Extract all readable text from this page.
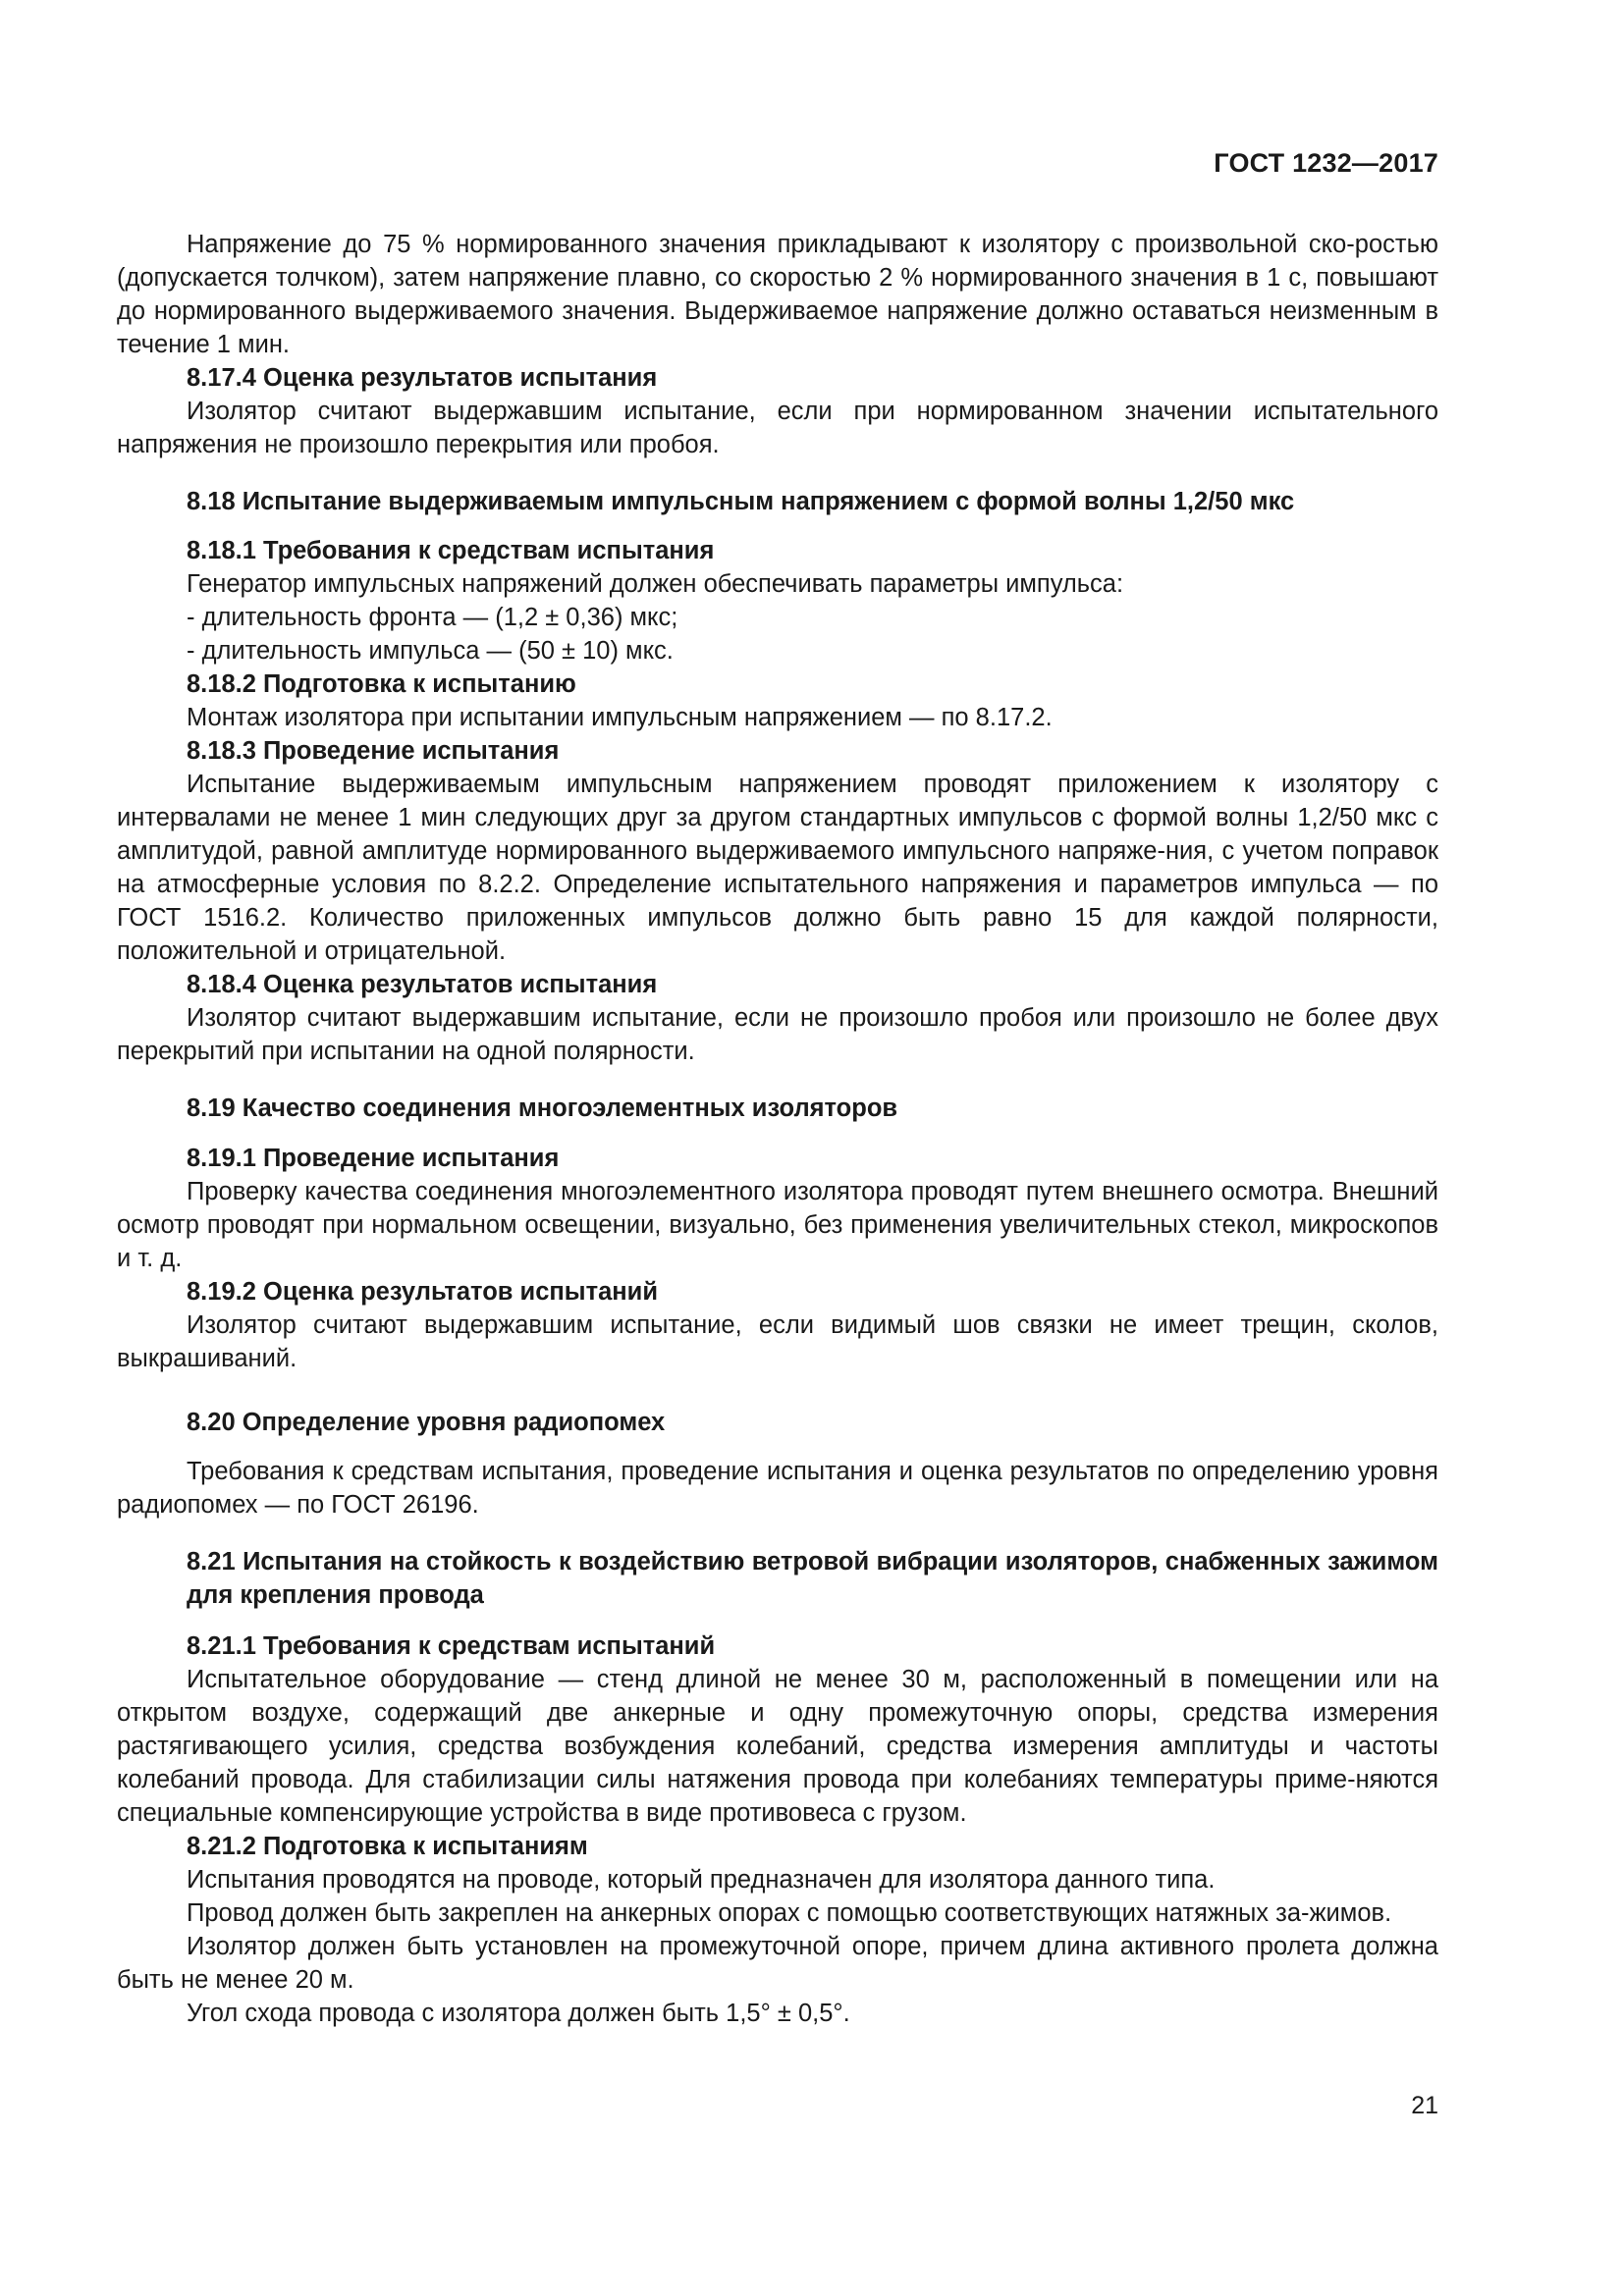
ГОСТ 1232—2017

Напряжение до 75 % нормированного значения прикладывают к изолятору с произвольной ско-ростью (допускается толчком), затем напряжение плавно, со скоростью 2 % нормированного значения в 1 с, повышают до нормированного выдерживаемого значения. Выдерживаемое напряжение должно оставаться неизменным в течение 1 мин.

8.17.4 Оценка результатов испытания

Изолятор считают выдержавшим испытание, если при нормированном значении испытательного напряжения не произошло перекрытия или пробоя.

8.18 Испытание выдерживаемым импульсным напряжением с формой волны 1,2/50 мкс

8.18.1 Требования к средствам испытания

Генератор импульсных напряжений должен обеспечивать параметры импульса:

- длительность фронта — (1,2 ± 0,36) мкс;

- длительность импульса — (50 ± 10) мкс.

8.18.2 Подготовка к испытанию

Монтаж изолятора при испытании импульсным напряжением — по 8.17.2.

8.18.3 Проведение испытания

Испытание выдерживаемым импульсным напряжением проводят приложением к изолятору с интервалами не менее 1 мин следующих друг за другом стандартных импульсов с формой волны 1,2/50 мкс с амплитудой, равной амплитуде нормированного выдерживаемого импульсного напряже-ния, с учетом поправок на атмосферные условия по 8.2.2. Определение испытательного напряжения и параметров импульса — по ГОСТ 1516.2. Количество приложенных импульсов должно быть равно 15 для каждой полярности, положительной и отрицательной.

8.18.4 Оценка результатов испытания

Изолятор считают выдержавшим испытание, если не произошло пробоя или произошло не более двух перекрытий при испытании на одной полярности.

8.19 Качество соединения многоэлементных изоляторов

8.19.1 Проведение испытания

Проверку качества соединения многоэлементного изолятора проводят путем внешнего осмотра. Внешний осмотр проводят при нормальном освещении, визуально, без применения увеличительных стекол, микроскопов и т. д.

8.19.2 Оценка результатов испытаний

Изолятор считают выдержавшим испытание, если видимый шов связки не имеет трещин, сколов, выкрашиваний.

8.20 Определение уровня радиопомех

Требования к средствам испытания, проведение испытания и оценка результатов по определению уровня радиопомех — по ГОСТ 26196.

8.21 Испытания на стойкость к воздействию ветровой вибрации изоляторов, снабженных зажимом для крепления провода

8.21.1 Требования к средствам испытаний

Испытательное оборудование — стенд длиной не менее 30 м, расположенный в помещении или на открытом воздухе, содержащий две анкерные и одну промежуточную опоры, средства измерения растягивающего усилия, средства возбуждения колебаний, средства измерения амплитуды и частоты колебаний провода. Для стабилизации силы натяжения провода при колебаниях температуры приме-няются специальные компенсирующие устройства в виде противовеса с грузом.

8.21.2 Подготовка к испытаниям

Испытания проводятся на проводе, который предназначен для изолятора данного типа.

Провод должен быть закреплен на анкерных опорах с помощью соответствующих натяжных за-жимов.

Изолятор должен быть установлен на промежуточной опоре, причем длина активного пролета должна быть не менее 20 м.

Угол схода провода с изолятора должен быть 1,5° ± 0,5°.

21
